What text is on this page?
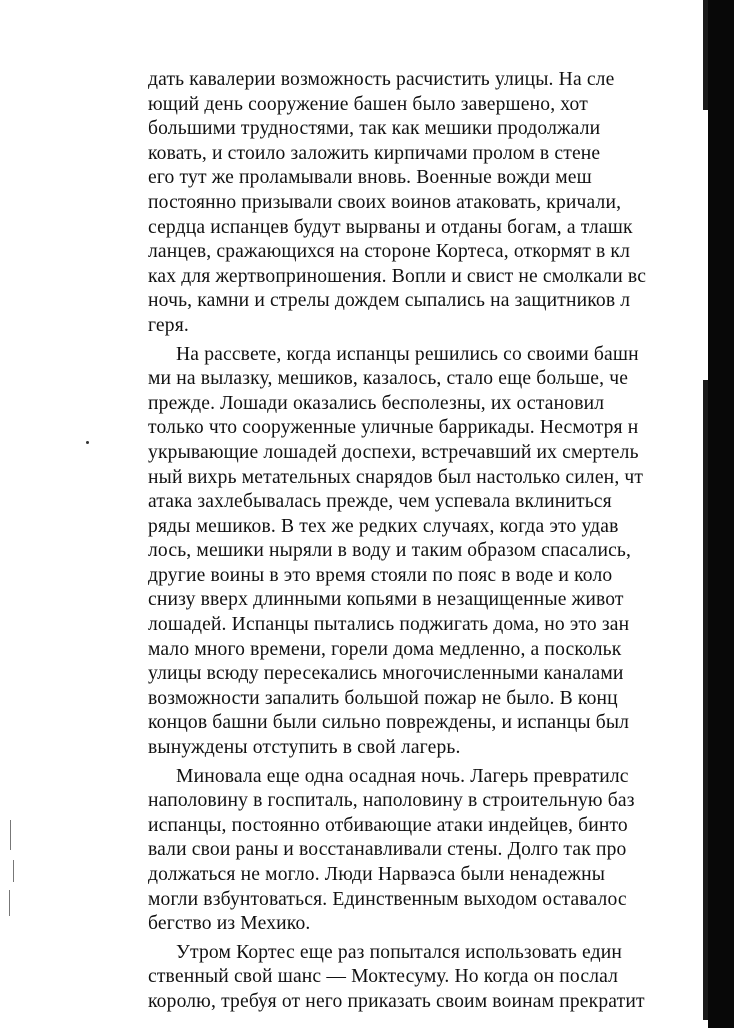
дать кавалерии возможность расчистить улицы. На сле
ющий день сооружение башен было завершено, хот
большими трудностями, так как мешики продолжали
ковать, и стоило заложить кирпичами пролом в стене
его тут же проламывали вновь. Военные вожди меш
постоянно призывали своих воинов атаковать, кричали,
сердца испанцев будут вырваны и отданы богам, а тлашк
ланцев, сражающихся на стороне Кортеса, откормят в кл
ках для жертвоприношения. Вопли и свист не смолкали вс
ночь, камни и стрелы дождем сыпались на защитников л
геря.
На рассвете, когда испанцы решились со своими башн
ми на вылазку, мешиков, казалось, стало еще больше, че
прежде. Лошади оказались бесполезны, их остановил
только что сооруженные уличные баррикады. Несмотря н
укрывающие лошадей доспехи, встречавший их смертель
ный вихрь метательных снарядов был настолько силен, чт
атака захлебывалась прежде, чем успевала вклиниться
ряды мешиков. В тех же редких случаях, когда это удав
лось, мешики ныряли в воду и таким образом спасались,
другие воины в это время стояли по пояс в воде и коло
снизу вверх длинными копьями в незащищенные живот
лошадей. Испанцы пытались поджигать дома, но это зан
мало много времени, горели дома медленно, а поскольк
улицы всюду пересекались многочисленными каналами
возможности запалить большой пожар не было. В конц
концов башни были сильно повреждены, и испанцы был
вынуждены отступить в свой лагерь.
Миновала еще одна осадная ночь. Лагерь превратилс
наполовину в госпиталь, наполовину в строительную баз
испанцы, постоянно отбивающие атаки индейцев, бинто
вали свои раны и восстанавливали стены. Долго так про
должаться не могло. Люди Нарваэса были ненадежны
могли взбунтоваться. Единственным выходом оставалос
бегство из Мехико.
Утром Кортес еще раз попытался использовать един
ственный свой шанс — Моктесуму. Но когда он послал
королю, требуя от него приказать своим воинам прекратит
